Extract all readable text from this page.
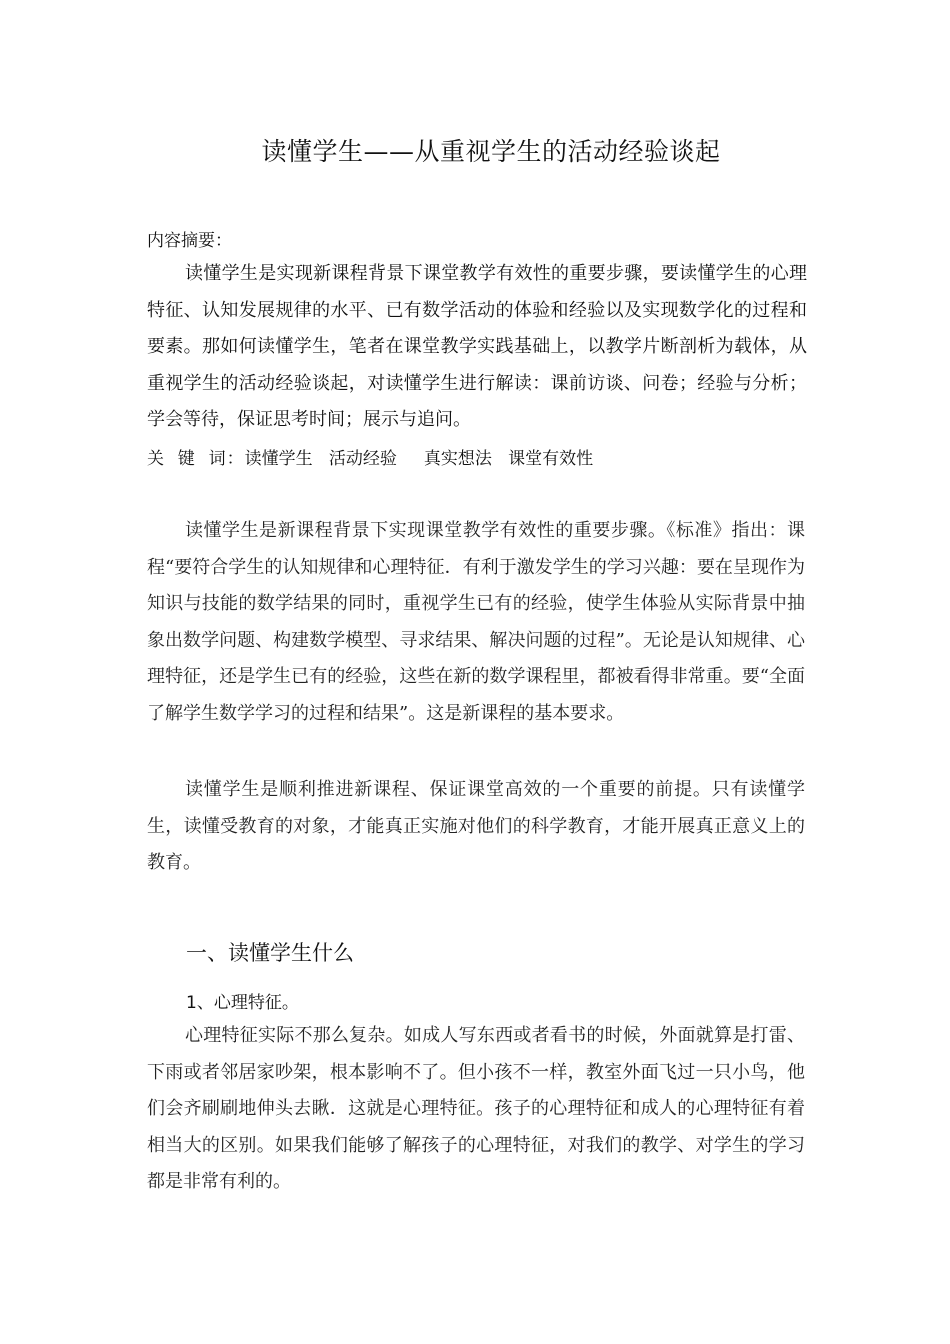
读懂学生——从重视学生的活动经验谈起
内容摘要：

读懂学生是实现新课程背景下课堂教学有效性的重要步骤，要读懂学生的心理特征、认知发展规律的水平、已有数学活动的体验和经验以及实现数学化的过程和要素。那如何读懂学生，笔者在课堂教学实践基础上，以教学片断剖析为载体，从重视学生的活动经验谈起，对读懂学生进行解读：课前访谈、问卷；经验与分析；学会等待，保证思考时间；展示与追问。

关  键  词：读懂学生   活动经验     真实想法   课堂有效性

读懂学生是新课程背景下实现课堂教学有效性的重要步骤。《标准》指出：课程“要符合学生的认知规律和心理特征．有利于激发学生的学习兴趣：要在呈现作为知识与技能的数学结果的同时，重视学生已有的经验，使学生体验从实际背景中抽象出数学问题、构建数学模型、寻求结果、解决问题的过程”。无论是认知规律、心理特征，还是学生已有的经验，这些在新的数学课程里，都被看得非常重。要“全面了解学生数学学习的过程和结果”。这是新课程的基本要求。

读懂学生是顺利推进新课程、保证课堂高效的一个重要的前提。只有读懂学生，读懂受教育的对象，才能真正实施对他们的科学教育，才能开展真正意义上的教育。

一、读懂学生什么
1、心理特征。

心理特征实际不那么复杂。如成人写东西或者看书的时候，外面就算是打雷、下雨或者邻居家吵架，根本影响不了。但小孩不一样，教室外面飞过一只小鸟，他们会齐刷刷地伸头去瞅．这就是心理特征。孩子的心理特征和成人的心理特征有着相当大的区别。如果我们能够了解孩子的心理特征，对我们的教学、对学生的学习都是非常有利的。
